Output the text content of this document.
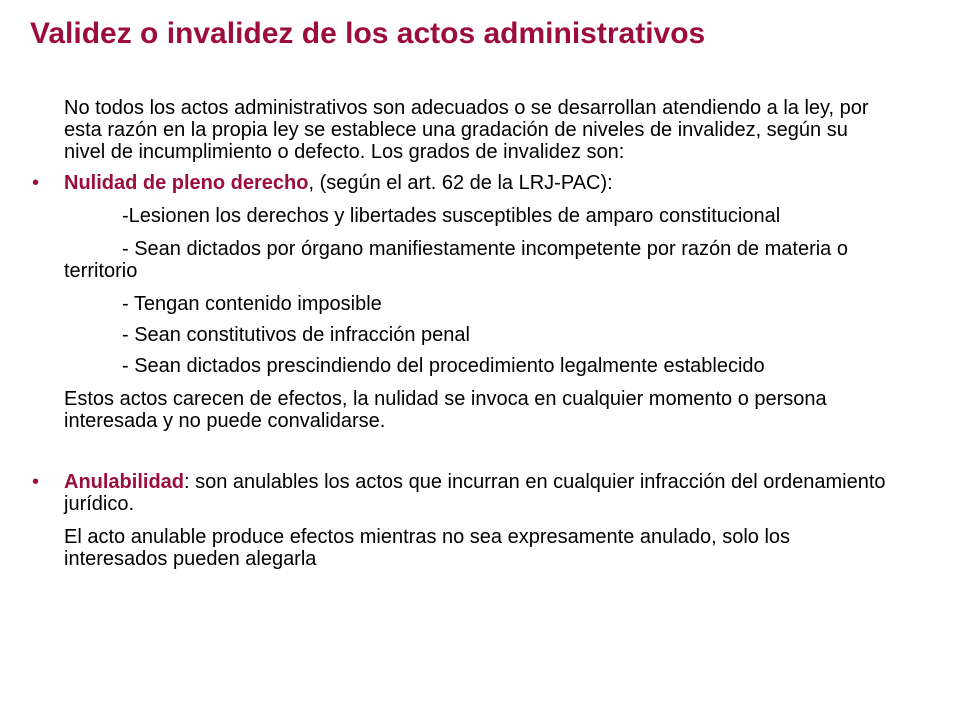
Validez o invalidez de los actos administrativos

No todos los actos administrativos son adecuados o se desarrollan atendiendo a la ley, por esta razón en la propia ley se establece una gradación de niveles de invalidez, según su nivel de incumplimiento o defecto. Los grados de invalidez son:

• Nulidad de pleno derecho, (según el art. 62 de la LRJ-PAC):

-Lesionen los derechos y libertades susceptibles de amparo constitucional

- Sean dictados por órgano manifiestamente incompetente por razón de materia o territorio

- Tengan contenido imposible

- Sean constitutivos de infracción penal

- Sean dictados prescindiendo del procedimiento legalmente establecido

Estos actos carecen de efectos, la nulidad se invoca en cualquier momento o persona interesada y no puede convalidarse.

• Anulabilidad: son anulables los actos que incurran en cualquier infracción del ordenamiento jurídico.

El acto anulable produce efectos mientras no sea expresamente anulado, solo los interesados pueden alegarla
